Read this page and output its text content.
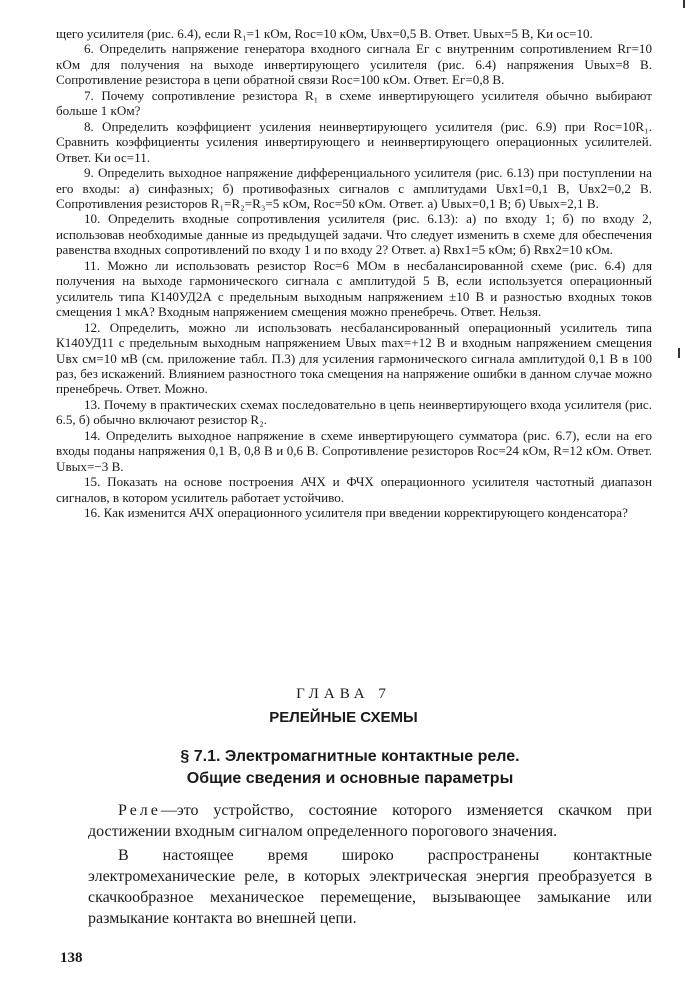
щего усилителя (рис. 6.4), если R₁=1 кОм, Rос=10 кОм, Uвх=0,5 В. Ответ. Uвых=5 В, Kи ос=10.

6. Определить напряжение генератора входного сигнала Eг с внутренним сопротивлением Rг=10 кОм для получения на выходе инвертирующего усилителя (рис. 6.4) напряжения Uвых=8 В. Сопротивление резистора в цепи обратной связи Rос=100 кОм. Ответ. Eг=0,8 В.

7. Почему сопротивление резистора R₁ в схеме инвертирующего усилителя обычно выбирают больше 1 кОм?

8. Определить коэффициент усиления неинвертирующего усилителя (рис. 6.9) при Rос=10R₁. Сравнить коэффициенты усиления инвертирующего и неинвертирующего операционных усилителей. Ответ. Kи ос=11.

9. Определить выходное напряжение дифференциального усилителя (рис. 6.13) при поступлении на его входы: а) синфазных; б) противофазных сигналов с амплитудами Uвх1=0,1 В, Uвх2=0,2 В. Сопротивления резисторов R₁=R₂=R₃=5 кОм, Rос=50 кОм. Ответ. а) Uвых=0,1 В; б) Uвых=2,1 В.

10. Определить входные сопротивления усилителя (рис. 6.13): а) по входу 1; б) по входу 2, использовав необходимые данные из предыдущей задачи. Что следует изменить в схеме для обеспечения равенства входных сопротивлений по входу 1 и по входу 2? Ответ. а) Rвх1=5 кОм; б) Rвх2=10 кОм.

11. Можно ли использовать резистор Rос=6 МОм в несбалансированной схеме (рис. 6.4) для получения на выходе гармонического сигнала с амплитудой 5 В, если используется операционный усилитель типа К140УД2А с предельным выходным напряжением ±10 В и разностью входных токов смещения 1 мкА? Входным напряжением смещения можно пренебречь. Ответ. Нельзя.

12. Определить, можно ли использовать несбалансированный операционный усилитель типа К140УД11 с предельным выходным напряжением Uвых max=+12 В и входным напряжением смещения Uвх см=10 мВ (см. приложение табл. П.3) для усиления гармонического сигнала амплитудой 0,1 В в 100 раз, без искажений. Влиянием разностного тока смещения на напряжение ошибки в данном случае можно пренебречь. Ответ. Можно.

13. Почему в практических схемах последовательно в цепь неинвертирующего входа усилителя (рис. 6.5, б) обычно включают резистор R₂.

14. Определить выходное напряжение в схеме инвертирующего сумматора (рис. 6.7), если на его входы поданы напряжения 0,1 В, 0,8 В и 0,6 В. Сопротивление резисторов Rос=24 кОм, R=12 кОм. Ответ. Uвых=−3 В.

15. Показать на основе построения АЧХ и ФЧХ операционного усилителя частотный диапазон сигналов, в котором усилитель работает устойчиво.

16. Как изменится АЧХ операционного усилителя при введении корректирующего конденсатора?

ГЛАВА 7
РЕЛЕЙНЫЕ СХЕМЫ
§ 7.1. Электромагнитные контактные реле.
Общие сведения и основные параметры

Реле—это устройство, состояние которого изменяется скачком при достижении входным сигналом определенного порогового значения.

В настоящее время широко распространены контактные электромеханические реле, в которых электрическая энергия преобразуется в скачкообразное механическое перемещение, вызывающее замыкание или размыкание контакта во внешней цепи.

138
